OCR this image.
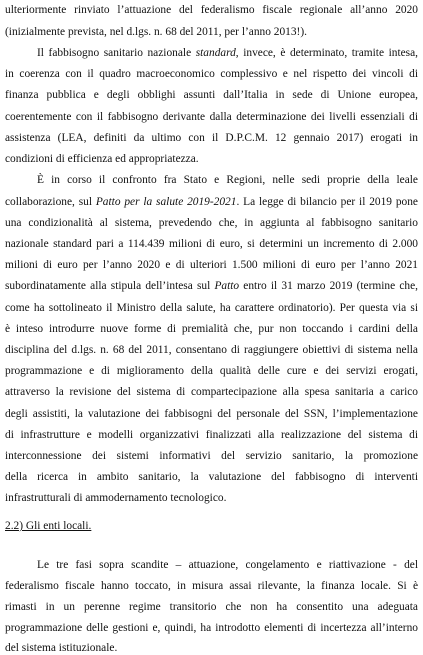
ulteriormente rinviato l’attuazione del federalismo fiscale regionale all’anno 2020
(inizialmente prevista, nel d.lgs. n. 68 del 2011, per l’anno 2013!).
Il fabbisogno sanitario nazionale standard, invece, è determinato, tramite intesa,
in coerenza con il quadro macroeconomico complessivo e nel rispetto dei vincoli di
finanza pubblica e degli obblighi assunti dall’Italia in sede di Unione europea,
coerentemente con il fabbisogno derivante dalla determinazione dei livelli essenziali di
assistenza (LEA, definiti da ultimo con il D.P.C.M. 12 gennaio 2017) erogati in
condizioni di efficienza ed appropriatezza.
È in corso il confronto fra Stato e Regioni, nelle sedi proprie della leale
collaborazione, sul Patto per la salute 2019-2021. La legge di bilancio per il 2019 pone
una condizionalità al sistema, prevedendo che, in aggiunta al fabbisogno sanitario
nazionale standard pari a 114.439 milioni di euro, si determini un incremento di 2.000
milioni di euro per l’anno 2020 e di ulteriori 1.500 milioni di euro per l’anno 2021
subordinatamente alla stipula dell’intesa sul Patto entro il 31 marzo 2019 (termine che,
come ha sottolineato il Ministro della salute, ha carattere ordinatorio). Per questa via si
è inteso introdurre nuove forme di premialità che, pur non toccando i cardini della
disciplina del d.lgs. n. 68 del 2011, consentano di raggiungere obiettivi di sistema nella
programmazione e di miglioramento della qualità delle cure e dei servizi erogati,
attraverso la revisione del sistema di compartecipazione alla spesa sanitaria a carico
degli assistiti, la valutazione dei fabbisogni del personale del SSN, l’implementazione
di infrastrutture e modelli organizzativi finalizzati alla realizzazione del sistema di
interconnessione dei sistemi informativi del servizio sanitario, la promozione
della ricerca in ambito sanitario, la valutazione del fabbisogno di interventi
infrastrutturali di ammodernamento tecnologico.
2.2) Gli enti locali.
Le tre fasi sopra scandite – attuazione, congelamento e riattivazione - del
federalismo fiscale hanno toccato, in misura assai rilevante, la finanza locale. Si è
rimasti in un perenne regime transitorio che non ha consentito una adeguata
programmazione delle gestioni e, quindi, ha introdotto elementi di incertezza all’interno
del sistema istituzionale.
